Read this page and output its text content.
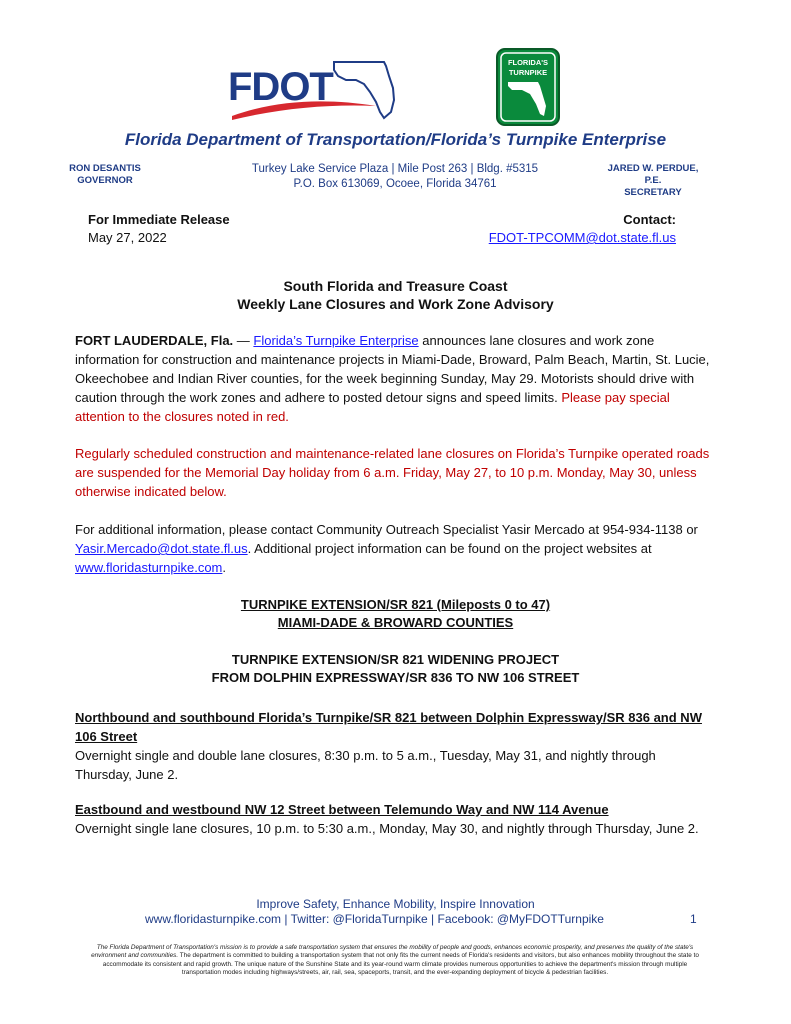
FDOT
FLORIDA'S
TURNPIKE
Florida Department of Transportation/Florida’s Turnpike Enterprise
RON DESANTIS
GOVERNOR
Turkey Lake Service Plaza | Mile Post 263 | Bldg. #5315
P.O. Box 613069, Ocoee, Florida 34761
JARED W. PERDUE, P.E.
SECRETARY
For Immediate Release
May 27, 2022
Contact:
FDOT-TPCOMM@dot.state.fl.us
South Florida and Treasure Coast
Weekly Lane Closures and Work Zone Advisory
FORT LAUDERDALE, Fla. — Florida’s Turnpike Enterprise announces lane closures and work zone information for construction and maintenance projects in Miami-Dade, Broward, Palm Beach, Martin, St. Lucie, Okeechobee and Indian River counties, for the week beginning Sunday, May 29. Motorists should drive with caution through the work zones and adhere to posted detour signs and speed limits. Please pay special attention to the closures noted in red.
Regularly scheduled construction and maintenance-related lane closures on Florida’s Turnpike operated roads are suspended for the Memorial Day holiday from 6 a.m. Friday, May 27, to 10 p.m. Monday, May 30, unless otherwise indicated below.
For additional information, please contact Community Outreach Specialist Yasir Mercado at 954-934-1138 or Yasir.Mercado@dot.state.fl.us. Additional project information can be found on the project websites at www.floridasturnpike.com.
TURNPIKE EXTENSION/SR 821 (Mileposts 0 to 47)
MIAMI-DADE & BROWARD COUNTIES
TURNPIKE EXTENSION/SR 821 WIDENING PROJECT
FROM DOLPHIN EXPRESSWAY/SR 836 TO NW 106 STREET
Northbound and southbound Florida’s Turnpike/SR 821 between Dolphin Expressway/SR 836 and NW 106 Street
Overnight single and double lane closures, 8:30 p.m. to 5 a.m., Tuesday, May 31, and nightly through Thursday, June 2.
Eastbound and westbound NW 12 Street between Telemundo Way and NW 114 Avenue
Overnight single lane closures, 10 p.m. to 5:30 a.m., Monday, May 30, and nightly through Thursday, June 2.
Improve Safety, Enhance Mobility, Inspire Innovation
www.floridasturnpike.com | Twitter: @FloridaTurnpike | Facebook: @MyFDOTTurnpike	1
The Florida Department of Transportation's mission is to provide a safe transportation system that ensures the mobility of people and goods, enhances economic prosperity, and preserves the quality of the state's environment and communities. The department is committed to building a transportation system that not only fits the current needs of Florida's residents and visitors, but also enhances mobility throughout the state to accommodate its consistent and rapid growth. The unique nature of the Sunshine State and its year-round warm climate provides numerous opportunities to achieve the department's mission through multiple transportation modes including highways/streets, air, rail, sea, spaceports, transit, and the ever-expanding deployment of bicycle & pedestrian facilities.
